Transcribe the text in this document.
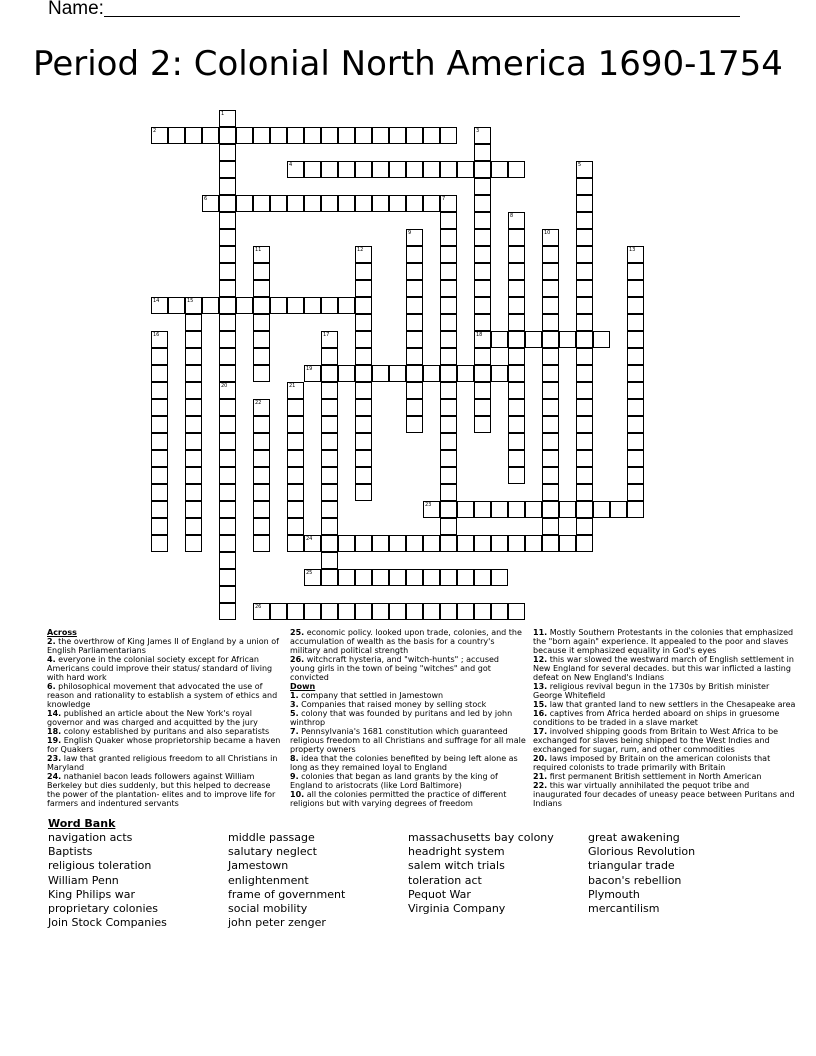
Name:
Period 2: Colonial North America 1690-1754
1
20
2	3
18
4	5
6	7
8
9	10
11	12	13
14	15
16	17
19
21
22
23
24
25
26
Across
2. the overthrow of King James II of England by a union of English Parliamentarians
4. everyone in the colonial society except for African Americans could improve their status/ standard of living with hard work
6. philosophical movement that advocated the use of reason and rationality to establish a system of ethics and knowledge
14. published an article about the New York's royal governor and was charged and acquitted by the jury
18. colony established by puritans and also separatists
19. English Quaker whose proprietorship became a haven for Quakers
23. law that granted religious freedom to all Christians in Maryland
24. nathaniel bacon leads followers against William Berkeley but dies suddenly, but this helped to decrease the power of the plantation- elites and to improve life for farmers and indentured servants
25. economic policy. looked upon trade, colonies, and the accumulation of wealth as the basis for a country's military and political strength
26. witchcraft hysteria, and "witch-hunts" ; accused young girls in the town of being "witches" and got convicted
Down
1. company that settled in Jamestown
3. Companies that raised money by selling stock
5. colony that was founded by puritans and led by john winthrop
7. Pennsylvania's 1681 constitution which guaranteed religious freedom to all Christians and suffrage for all male property owners
8. idea that the colonies benefited by being left alone as long as they remained loyal to England
9. colonies that began as land grants by the king of England to aristocrats (like Lord Baltimore)
10. all the colonies permitted the practice of different religions but with varying degrees of freedom
11. Mostly Southern Protestants in the colonies that emphasized the "born again" experience. It appealed to the poor and slaves because it emphasized equality in God's eyes
12. this war slowed the westward march of English settlement in New England for several decades. but this war inflicted a lasting defeat on New England's Indians
13. religious revival begun in the 1730s by British minister George Whitefield
15. law that granted land to new settlers in the Chesapeake area
16. captives from Africa herded aboard on ships in gruesome conditions to be traded in a slave market
17. involved shipping goods from Britain to West Africa to be exchanged for slaves being shipped to the West Indies and exchanged for sugar, rum, and other commodities
20. laws imposed by Britain on the american colonists that required colonists to trade primarily with Britain
21. first permanent British settlement in North American
22. this war virtually annihilated the pequot tribe and inaugurated four decades of uneasy peace between Puritans and Indians
Word Bank
navigation acts
Baptists
religious toleration
William Penn
King Philips war
proprietary colonies
Join Stock Companies
middle passage
salutary neglect
Jamestown
enlightenment
frame of government
social mobility
john peter zenger
massachusetts bay colony
headright system
salem witch trials
toleration act
Pequot War
Virginia Company
great awakening
Glorious Revolution
triangular trade
bacon's rebellion
Plymouth
mercantilism
